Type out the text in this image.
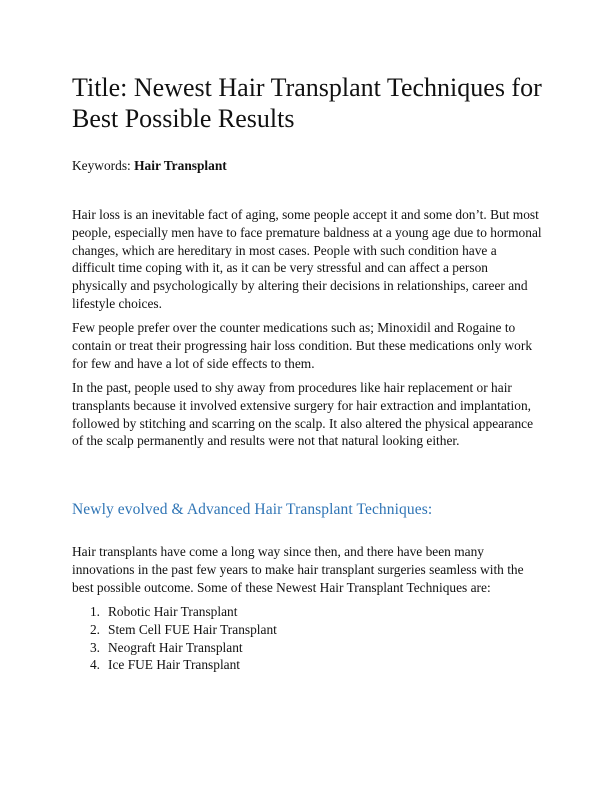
Title: Newest Hair Transplant Techniques for Best Possible Results

Keywords: Hair Transplant

Hair loss is an inevitable fact of aging, some people accept it and some don’t. But most people, especially men have to face premature baldness at a young age due to hormonal changes, which are hereditary in most cases. People with such condition have a difficult time coping with it, as it can be very stressful and can affect a person physically and psychologically by altering their decisions in relationships, career and lifestyle choices.

Few people prefer over the counter medications such as; Minoxidil and Rogaine to contain or treat their progressing hair loss condition. But these medications only work for few and have a lot of side effects to them.

In the past, people used to shy away from procedures like hair replacement or hair transplants because it involved extensive surgery for hair extraction and implantation, followed by stitching and scarring on the scalp. It also altered the physical appearance of the scalp permanently and results were not that natural looking either.

Newly evolved & Advanced Hair Transplant Techniques:

Hair transplants have come a long way since then, and there have been many innovations in the past few years to make hair transplant surgeries seamless with the best possible outcome. Some of these Newest Hair Transplant Techniques are:

1. Robotic Hair Transplant
2. Stem Cell FUE Hair Transplant
3. Neograft Hair Transplant
4. Ice FUE Hair Transplant
